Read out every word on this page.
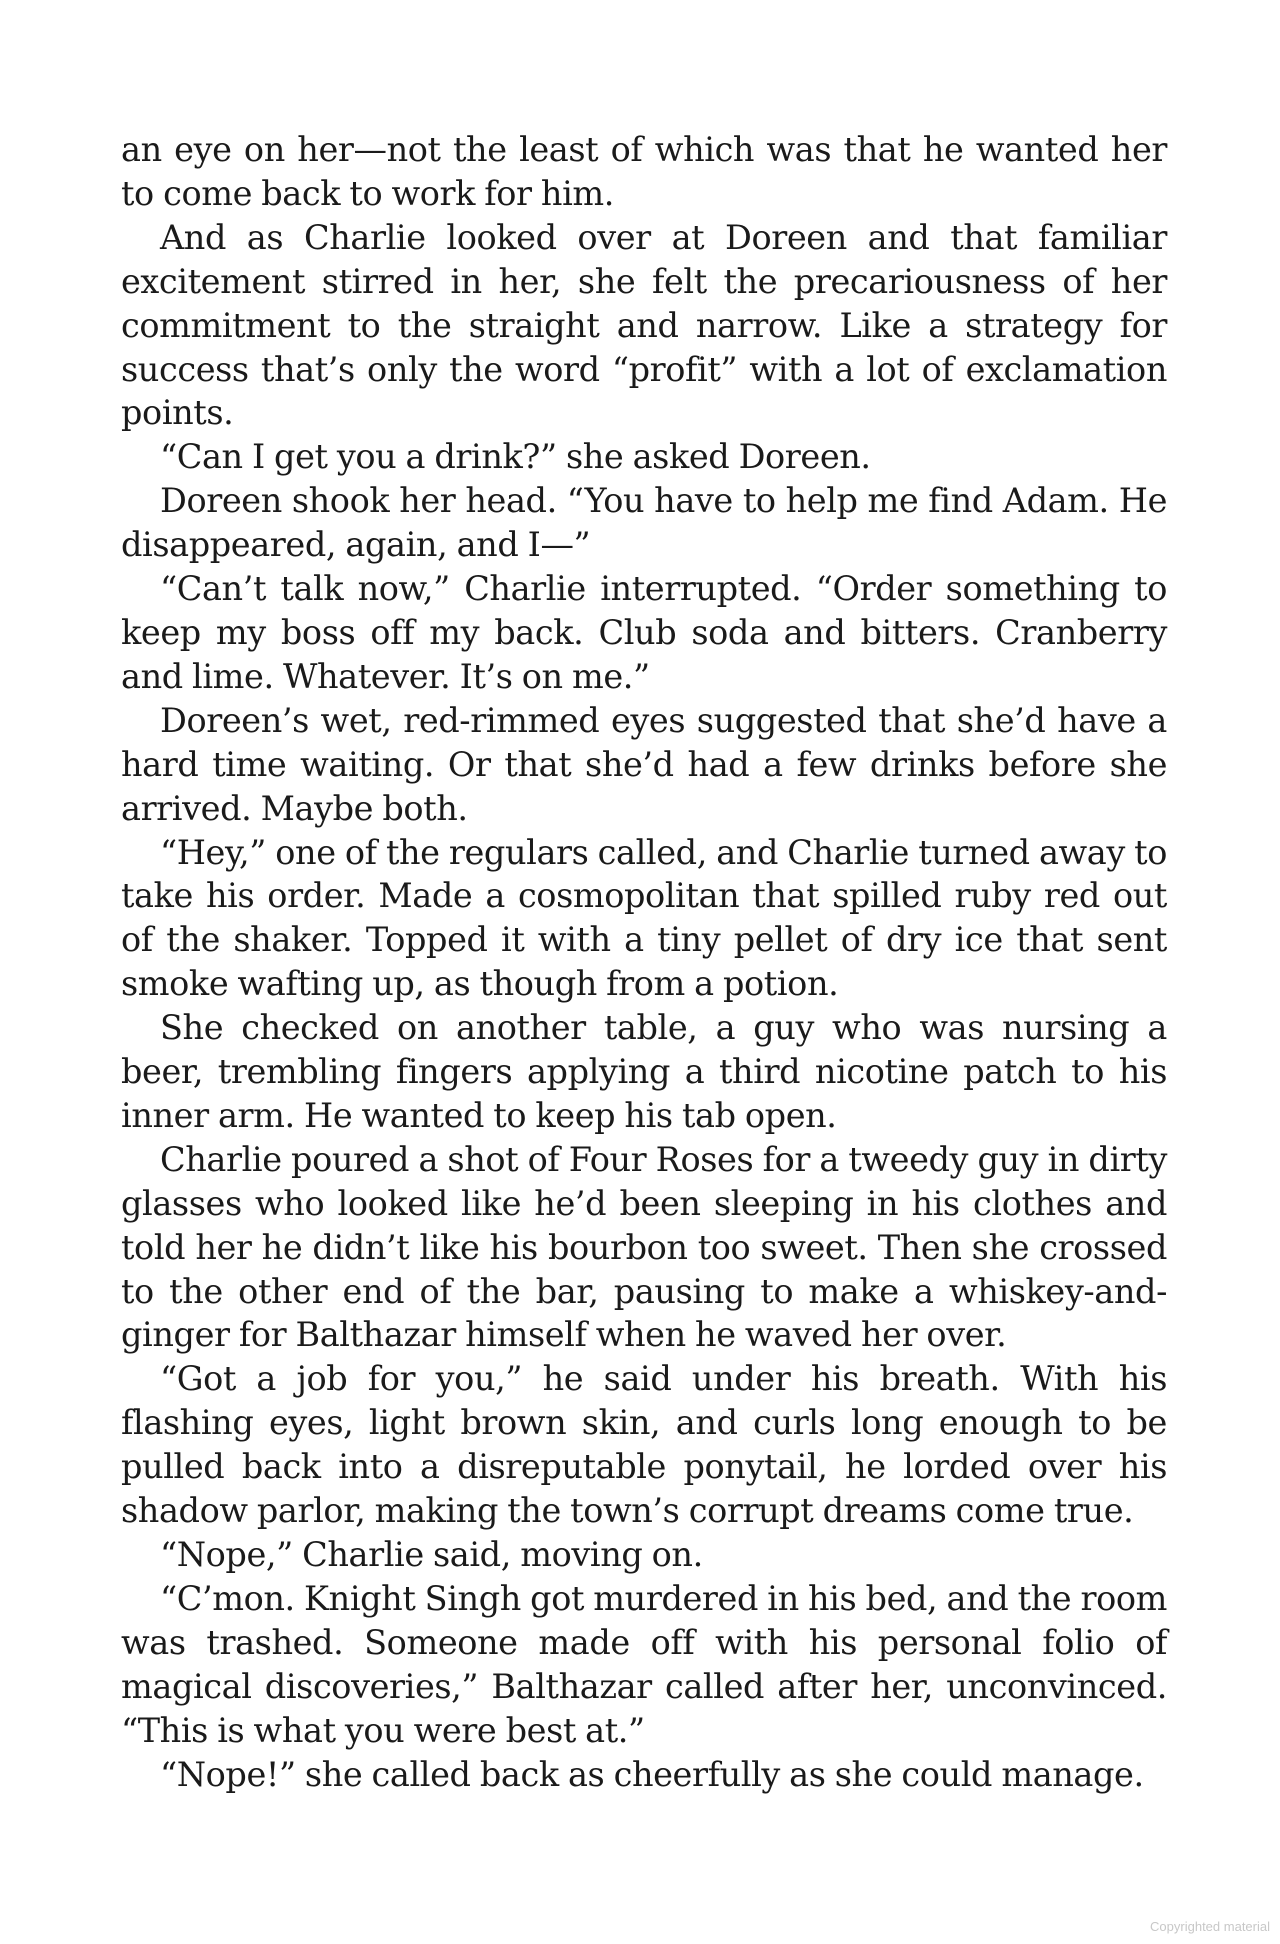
an eye on her—not the least of which was that he wanted her to come back to work for him.

And as Charlie looked over at Doreen and that familiar excitement stirred in her, she felt the precariousness of her commitment to the straight and narrow. Like a strategy for success that’s only the word “profit” with a lot of exclamation points.

“Can I get you a drink?” she asked Doreen.

Doreen shook her head. “You have to help me find Adam. He disappeared, again, and I—”

“Can’t talk now,” Charlie interrupted. “Order something to keep my boss off my back. Club soda and bitters. Cranberry and lime. Whatever. It’s on me.”

Doreen’s wet, red-rimmed eyes suggested that she’d have a hard time waiting. Or that she’d had a few drinks before she arrived. Maybe both.

“Hey,” one of the regulars called, and Charlie turned away to take his order. Made a cosmopolitan that spilled ruby red out of the shaker. Topped it with a tiny pellet of dry ice that sent smoke wafting up, as though from a potion.

She checked on another table, a guy who was nursing a beer, trembling fingers applying a third nicotine patch to his inner arm. He wanted to keep his tab open.

Charlie poured a shot of Four Roses for a tweedy guy in dirty glasses who looked like he’d been sleeping in his clothes and told her he didn’t like his bourbon too sweet. Then she crossed to the other end of the bar, pausing to make a whiskey-and-ginger for Balthazar himself when he waved her over.

“Got a job for you,” he said under his breath. With his flashing eyes, light brown skin, and curls long enough to be pulled back into a disreputable ponytail, he lorded over his shadow parlor, making the town’s corrupt dreams come true.

“Nope,” Charlie said, moving on.

“C’mon. Knight Singh got murdered in his bed, and the room was trashed. Someone made off with his personal folio of magical discoveries,” Balthazar called after her, unconvinced. “This is what you were best at.”

“Nope!” she called back as cheerfully as she could manage.

Copyrighted material
